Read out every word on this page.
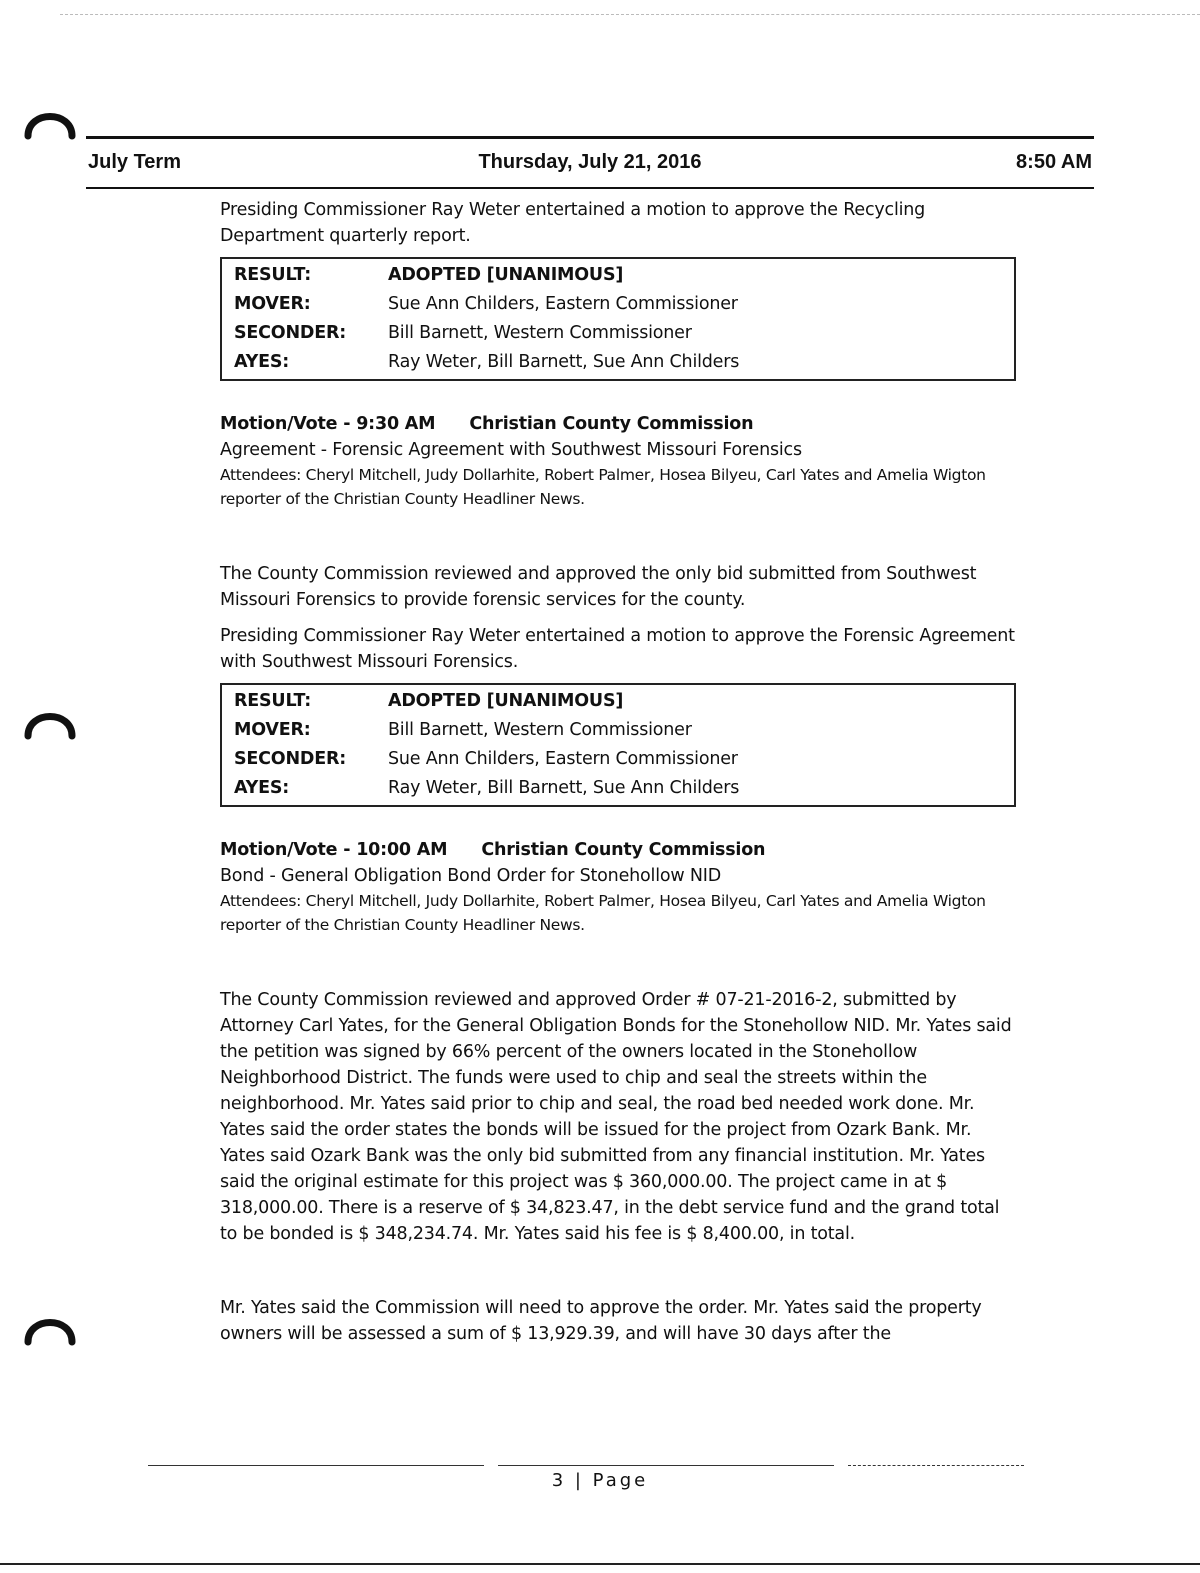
July Term	Thursday, July 21, 2016	8:50 AM

Presiding Commissioner Ray Weter entertained a motion to approve the Recycling Department quarterly report.

RESULT:	ADOPTED [UNANIMOUS]
MOVER:	Sue Ann Childers, Eastern Commissioner
SECONDER:	Bill Barnett, Western Commissioner
AYES:	Ray Weter, Bill Barnett, Sue Ann Childers

Motion/Vote - 9:30 AM Christian County Commission

Agreement - Forensic Agreement with Southwest Missouri Forensics

Attendees: Cheryl Mitchell, Judy Dollarhite, Robert Palmer, Hosea Bilyeu, Carl Yates and Amelia Wigton reporter of the Christian County Headliner News.

The County Commission reviewed and approved the only bid submitted from Southwest Missouri Forensics to provide forensic services for the county.

Presiding Commissioner Ray Weter entertained a motion to approve the Forensic Agreement with Southwest Missouri Forensics.

RESULT:	ADOPTED [UNANIMOUS]
MOVER:	Bill Barnett, Western Commissioner
SECONDER:	Sue Ann Childers, Eastern Commissioner
AYES:	Ray Weter, Bill Barnett, Sue Ann Childers

Motion/Vote - 10:00 AM Christian County Commission

Bond - General Obligation Bond Order for Stonehollow NID

Attendees: Cheryl Mitchell, Judy Dollarhite, Robert Palmer, Hosea Bilyeu, Carl Yates and Amelia Wigton reporter of the Christian County Headliner News.

The County Commission reviewed and approved Order # 07-21-2016-2, submitted by Attorney Carl Yates, for the General Obligation Bonds for the Stonehollow NID. Mr. Yates said the petition was signed by 66% percent of the owners located in the Stonehollow Neighborhood District. The funds were used to chip and seal the streets within the neighborhood. Mr. Yates said prior to chip and seal, the road bed needed work done. Mr. Yates said the order states the bonds will be issued for the project from Ozark Bank. Mr. Yates said Ozark Bank was the only bid submitted from any financial institution. Mr. Yates said the original estimate for this project was $ 360,000.00. The project came in at $ 318,000.00. There is a reserve of $ 34,823.47, in the debt service fund and the grand total to be bonded is $ 348,234.74. Mr. Yates said his fee is $ 8,400.00, in total.

Mr. Yates said the Commission will need to approve the order. Mr. Yates said the property owners will be assessed a sum of $ 13,929.39, and will have 30 days after the

3 | Page
